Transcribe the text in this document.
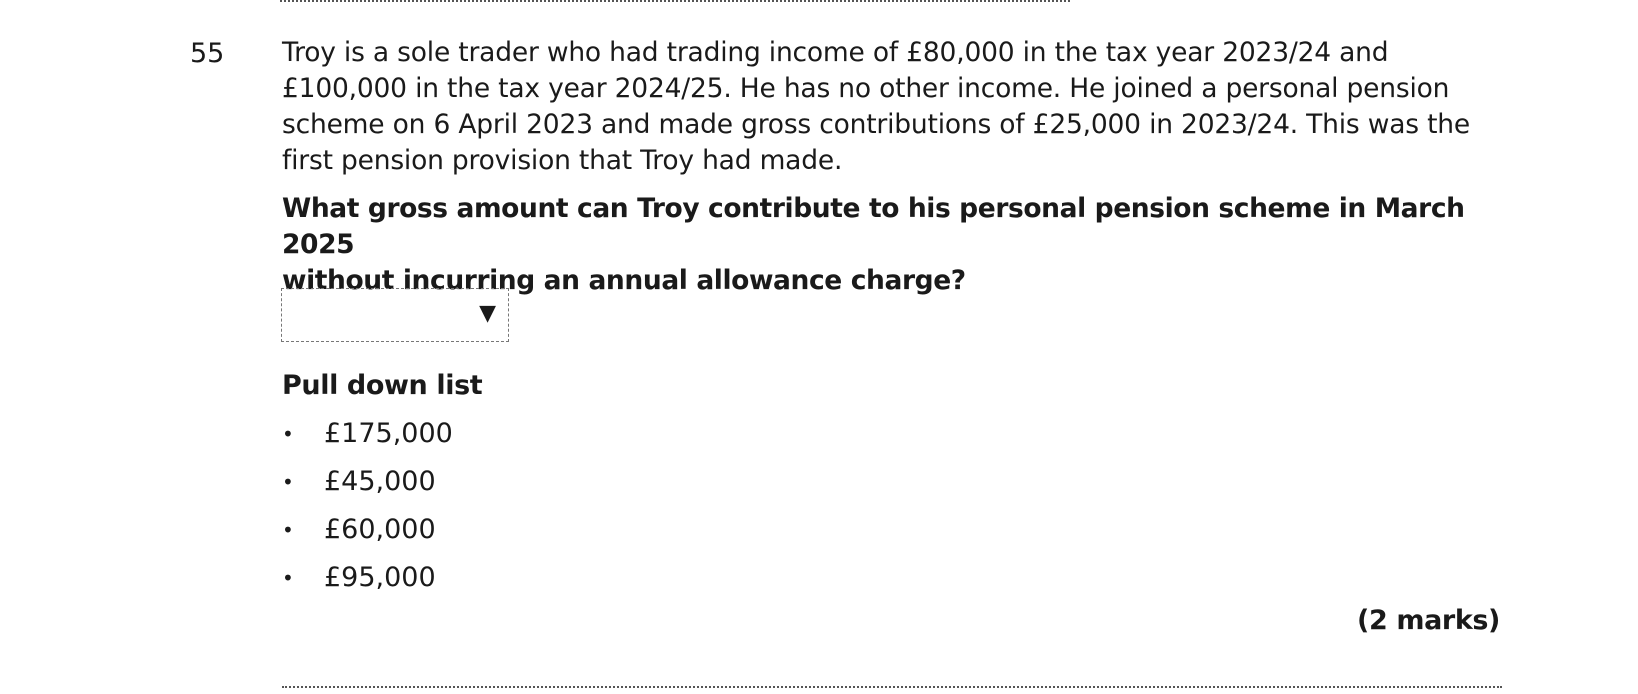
55 Troy is a sole trader who had trading income of £80,000 in the tax year 2023/24 and

£100,000 in the tax year 2024/25. He has no other income. He joined a personal pension

scheme on 6 April 2023 and made gross contributions of £25,000 in 2023/24. This was the

first pension provision that Troy had made.

What gross amount can Troy contribute to his personal pension scheme in March 2025
without incurring an annual allowance charge?

▼
Pull down list
• £175,000
• £45,000
• £60,000
• £95,000
(2 marks)
